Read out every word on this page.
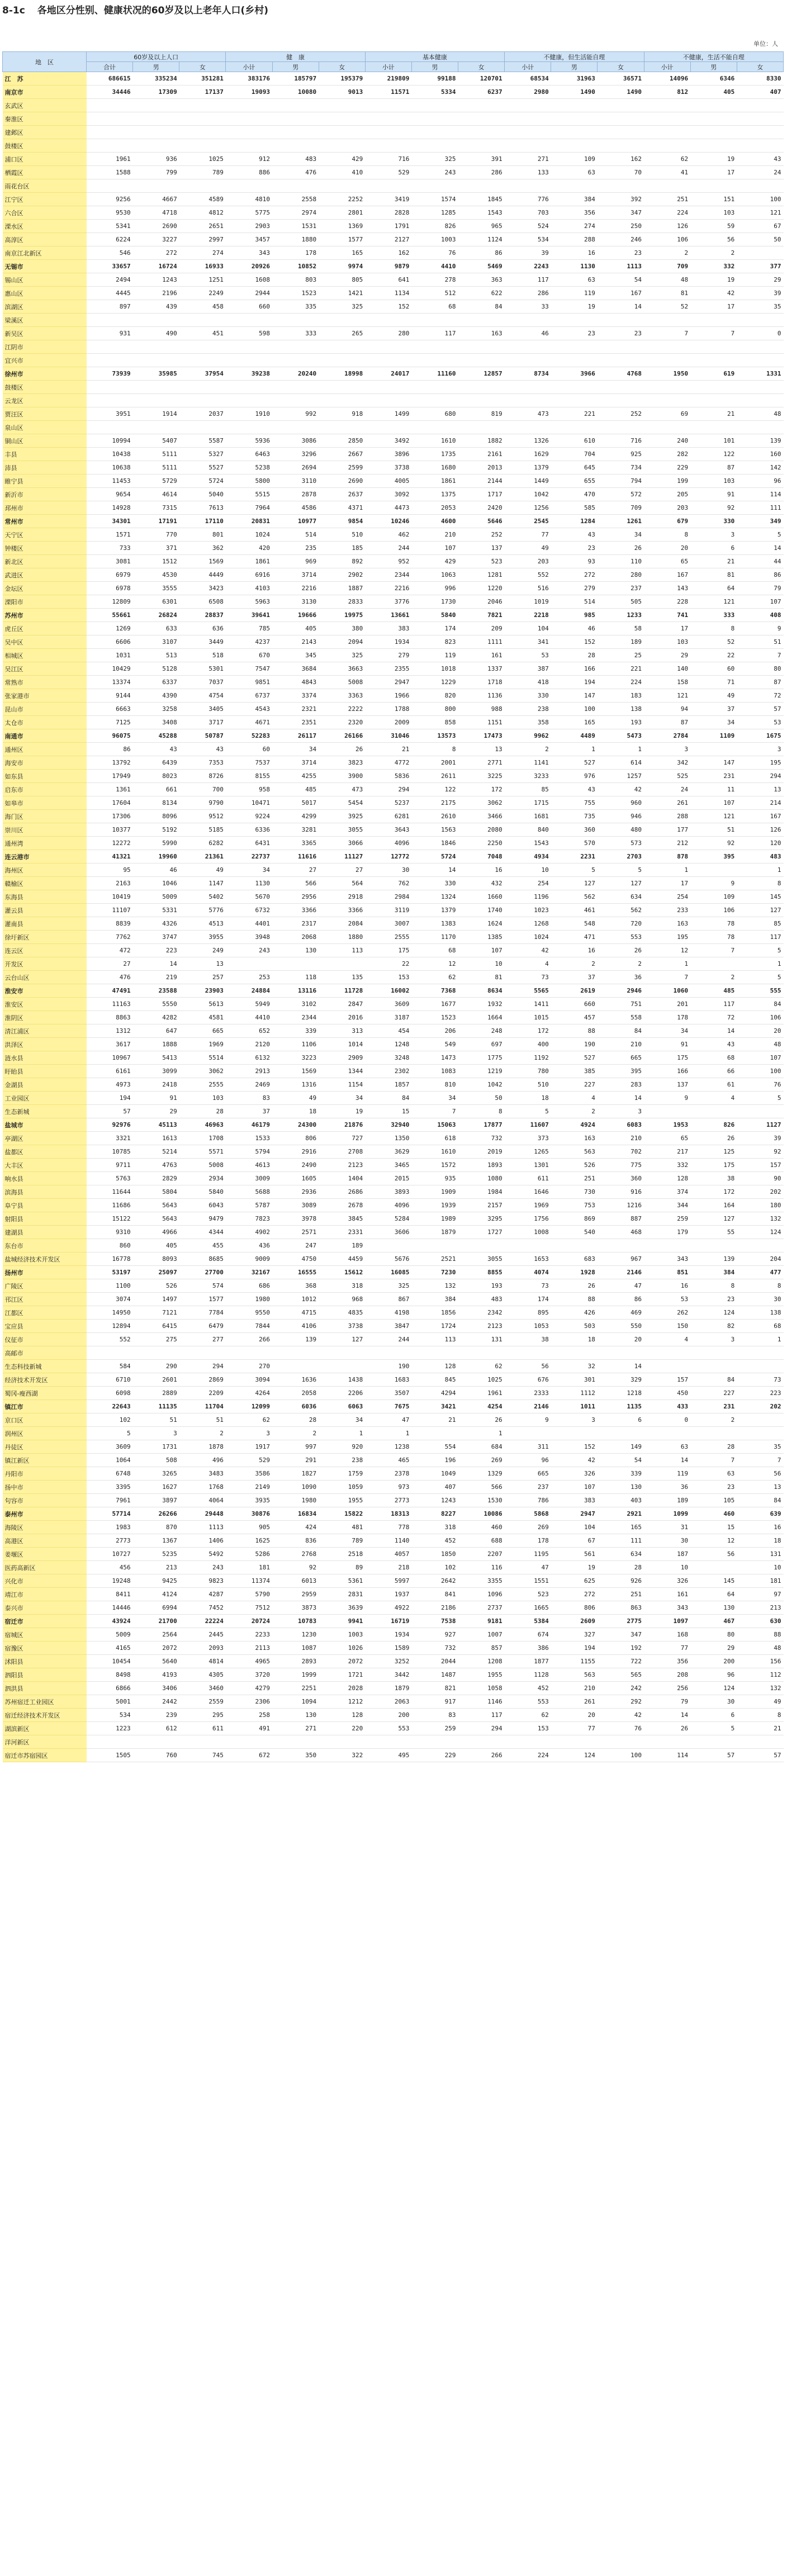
8-1c 各地区分性别、健康状况的60岁及以上老年人口(乡村)
单位：人
地　区	60岁及以上人口			健　康			基本健康			不健康，但生活能自理			不健康，生活不能自理		
	合计	男	女	小计	男	女	小计	男	女	小计	男	女	小计	男	女
江　苏	686615	335234	351281	383176	185797	195379	219809	99188	120701	68534	31963	36571	14096	6346	8330
南京市	34446	17309	17137	19093	10080	9013	11571	5334	6237	2980	1490	1490	812	405	407
玄武区															
秦淮区															
建邺区															
鼓楼区															
浦口区	1961	936	1025	912	483	429	716	325	391	271	109	162	62	19	43
栖霞区	1588	799	789	886	476	410	529	243	286	133	63	70	41	17	24
雨花台区															
江宁区	9256	4667	4589	4810	2558	2252	3419	1574	1845	776	384	392	251	151	100
六合区	9530	4718	4812	5775	2974	2801	2828	1285	1543	703	356	347	224	103	121
溧水区	5341	2690	2651	2903	1531	1369	1791	826	965	524	274	250	126	59	67
高淳区	6224	3227	2997	3457	1880	1577	2127	1003	1124	534	288	246	106	56	50
南京江北新区	546	272	274	343	178	165	162	76	86	39	16	23	2	2	
无锡市	33657	16724	16933	20926	10852	9974	9879	4410	5469	2243	1130	1113	709	332	377
锡山区	2494	1243	1251	1608	803	805	641	278	363	117	63	54	48	19	29
惠山区	4445	2196	2249	2944	1523	1421	1134	512	622	286	119	167	81	42	39
滨湖区	897	439	458	660	335	325	152	68	84	33	19	14	52	17	35
梁溪区															
新吴区	931	490	451	598	333	265	280	117	163	46	23	23	7	7	0
江阴市															
宜兴市															
徐州市	73939	35985	37954	39238	20240	18998	24017	11160	12857	8734	3966	4768	1950	619	1331
鼓楼区															
云龙区															
贾汪区	3951	1914	2037	1910	992	918	1499	680	819	473	221	252	69	21	48
泉山区															
铜山区	10994	5407	5587	5936	3086	2850	3492	1610	1882	1326	610	716	240	101	139
丰县	10438	5111	5327	6463	3296	2667	3896	1735	2161	1629	704	925	282	122	160
沛县	10638	5111	5527	5238	2694	2599	3738	1680	2013	1379	645	734	229	87	142
睢宁县	11453	5729	5724	5800	3110	2690	4005	1861	2144	1449	655	794	199	103	96
新沂市	9654	4614	5040	5515	2878	2637	3092	1375	1717	1042	470	572	205	91	114
邳州市	14928	7315	7613	7964	4586	4371	4473	2053	2420	1256	585	709	203	92	111
常州市	34301	17191	17110	20831	10977	9854	10246	4600	5646	2545	1284	1261	679	330	349
天宁区	1571	770	801	1024	514	510	462	210	252	77	43	34	8	3	5
钟楼区	733	371	362	420	235	185	244	107	137	49	23	26	20	6	14
新北区	3081	1512	1569	1861	969	892	952	429	523	203	93	110	65	21	44
武进区	6979	4530	4449	6916	3714	2902	2344	1063	1281	552	272	280	167	81	86
金坛区	6978	3555	3423	4103	2216	1887	2216	996	1220	516	279	237	143	64	79
溧阳市	12809	6301	6508	5963	3130	2833	3776	1730	2046	1019	514	505	228	121	107
苏州市	55661	26824	28837	39641	19666	19975	13661	5840	7821	2218	985	1233	741	333	408
虎丘区	1269	633	636	785	405	380	383	174	209	104	46	58	17	8	9
吴中区	6606	3107	3449	4237	2143	2094	1934	823	1111	341	152	189	103	52	51
相城区	1031	513	518	670	345	325	279	119	161	53	28	25	29	22	7
吴江区	10429	5128	5301	7547	3684	3663	2355	1018	1337	387	166	221	140	60	80
常熟市	13374	6337	7037	9851	4843	5008	2947	1229	1718	418	194	224	158	71	87
张家港市	9144	4390	4754	6737	3374	3363	1966	820	1136	330	147	183	121	49	72
昆山市	6663	3258	3405	4543	2321	2222	1788	800	988	238	100	138	94	37	57
太仓市	7125	3408	3717	4671	2351	2320	2009	858	1151	358	165	193	87	34	53
南通市	96075	45288	50787	52283	26117	26166	31046	13573	17473	9962	4489	5473	2784	1109	1675
通州区	86	43	43	60	34	26	21	8	13	2	1	1	3		3
海安市	13792	6439	7353	7537	3714	3823	4772	2001	2771	1141	527	614	342	147	195
如东县	17949	8023	8726	8155	4255	3900	5836	2611	3225	3233	976	1257	525	231	294
启东市	1361	661	700	958	485	473	294	122	172	85	43	42	24	11	13
如皋市	17604	8134	9790	10471	5017	5454	5237	2175	3062	1715	755	960	261	107	214
海门区	17306	8096	9512	9224	4299	3925	6281	2610	3466	1681	735	946	288	121	167
崇川区	10377	5192	5185	6336	3281	3055	3643	1563	2080	840	360	480	177	51	126
通州湾	12272	5990	6282	6431	3365	3066	4096	1846	2250	1543	570	573	212	92	120
连云港市	41321	19960	21361	22737	11616	11127	12772	5724	7048	4934	2231	2703	878	395	483
海州区	95	46	49	34	27	27	30	14	16	10	5	5	1		1
赣榆区	2163	1046	1147	1130	566	564	762	330	432	254	127	127	17	9	8
东海县	10419	5009	5402	5670	2956	2918	2984	1324	1660	1196	562	634	254	109	145
灌云县	11107	5331	5776	6732	3366	3366	3119	1379	1740	1023	461	562	233	106	127
灌南县	8839	4326	4513	4401	2317	2084	3007	1383	1624	1268	548	720	163	78	85
徐圩新区	7762	3747	3955	3948	2068	1880	2555	1170	1385	1024	471	553	195	78	117
连云区	472	223	249	243	130	113	175	68	107	42	16	26	12	7	5
开发区	27	14	13				22	12	10	4	2	2	1		1
云台山区	476	219	257	253	118	135	153	62	81	73	37	36	7	2	5
淮安市	47491	23588	23903	24884	13116	11728	16002	7368	8634	5565	2619	2946	1060	485	555
淮安区	11163	5550	5613	5949	3102	2847	3609	1677	1932	1411	660	751	201	117	84
淮阴区	8863	4282	4581	4410	2344	2016	3187	1523	1664	1015	457	558	178	72	106
清江浦区	1312	647	665	652	339	313	454	206	248	172	88	84	34	14	20
洪泽区	3617	1888	1969	2120	1106	1014	1248	549	697	400	190	210	91	43	48
涟水县	10967	5413	5514	6132	3223	2909	3248	1473	1775	1192	527	665	175	68	107
盱眙县	6161	3099	3062	2913	1569	1344	2302	1083	1219	780	385	395	166	66	100
金湖县	4973	2418	2555	2469	1316	1154	1857	810	1042	510	227	283	137	61	76
工业园区	194	91	103	83	49	34	84	34	50	18	4	14	9	4	5
生态新城	57	29	28	37	18	19	15	7	8	5	2	3			
盐城市	92976	45113	46963	46179	24300	21876	32940	15063	17877	11607	4924	6083	1953	826	1127
亭湖区	3321	1613	1708	1533	806	727	1350	618	732	373	163	210	65	26	39
盐都区	10785	5214	5571	5794	2916	2708	3629	1610	2019	1265	563	702	217	125	92
大丰区	9711	4763	5008	4613	2490	2123	3465	1572	1893	1301	526	775	332	175	157
响水县	5763	2829	2934	3009	1605	1404	2015	935	1080	611	251	360	128	38	90
滨海县	11644	5804	5840	5688	2936	2686	3893	1909	1984	1646	730	916	374	172	202
阜宁县	11686	5643	6043	5787	3089	2678	4096	1939	2157	1969	753	1216	344	164	180
射阳县	15122	5643	9479	7823	3978	3845	5284	1989	3295	1756	869	887	259	127	132
建湖县	9310	4966	4344	4902	2571	2331	3606	1879	1727	1008	540	468	179	55	124
东台市	860	405	455	436	247	189									
盐城经济技术开发区	16778	8093	8685	9009	4750	4459	5676	2521	3055	1653	683	967	343	139	204
扬州市	53197	25097	27700	32167	16555	15612	16085	7230	8855	4074	1928	2146	851	384	477
广陵区	1100	526	574	686	368	318	325	132	193	73	26	47	16	8	8
邗江区	3074	1497	1577	1980	1012	968	867	384	483	174	88	86	53	23	30
江都区	14950	7121	7784	9550	4715	4835	4198	1856	2342	895	426	469	262	124	138
宝应县	12894	6415	6479	7844	4106	3738	3847	1724	2123	1053	503	550	150	82	68
仪征市	552	275	277	266	139	127	244	113	131	38	18	20	4	3	1
高邮市															
生态科技新城	584	290	294	270			190	128	62	56	32	14			
经济技术开发区	6710	2601	2869	3094	1636	1438	1683	845	1025	676	301	329	157	84	73
蜀冈-瘦西湖	6098	2889	2209	4264	2058	2206	3507	4294	1961	2333	1112	1218	450	227	223
镇江市	22643	11135	11704	12099	6036	6063	7675	3421	4254	2146	1011	1135	433	231	202
京口区	102	51	51	62	28	34	47	21	26	9	3	6	0	2	
润州区	5	3	2	3	2	1	1		1						
丹徒区	3609	1731	1878	1917	997	920	1238	554	684	311	152	149	63	28	35
镇江新区	1064	508	496	529	291	238	465	196	269	96	42	54	14	7	7
丹阳市	6748	3265	3483	3586	1827	1759	2378	1049	1329	665	326	339	119	63	56
扬中市	3395	1627	1768	2149	1090	1059	973	407	566	237	107	130	36	23	13
句容市	7961	3897	4064	3935	1980	1955	2773	1243	1530	786	383	403	189	105	84
泰州市	57714	26266	29448	30876	16834	15822	18313	8227	10086	5868	2947	2921	1099	460	639
海陵区	1983	870	1113	905	424	481	778	318	460	269	104	165	31	15	16
高港区	2773	1367	1406	1625	836	789	1140	452	688	178	67	111	30	12	18
姜堰区	10727	5235	5492	5286	2768	2518	4057	1850	2207	1195	561	634	187	56	131
医药高新区	456	213	243	181	92	89	218	102	116	47	19	28	10		10
兴化市	19248	9425	9823	11374	6013	5361	5997	2642	3355	1551	625	926	326	145	181
靖江市	8411	4124	4287	5790	2959	2831	1937	841	1096	523	272	251	161	64	97
泰兴市	14446	6994	7452	7512	3873	3639	4922	2186	2737	1665	806	863	343	130	213
宿迁市	43924	21700	22224	20724	10783	9941	16719	7538	9181	5384	2609	2775	1097	467	630
宿城区	5009	2564	2445	2233	1230	1003	1934	927	1007	674	327	347	168	80	88
宿豫区	4165	2072	2093	2113	1087	1026	1589	732	857	386	194	192	77	29	48
沭阳县	10454	5640	4814	4965	2893	2072	3252	2044	1208	1877	1155	722	356	200	156
泗阳县	8498	4193	4305	3720	1999	1721	3442	1487	1955	1128	563	565	208	96	112
泗洪县	6866	3406	3460	4279	2251	2028	1879	821	1058	452	210	242	256	124	132
苏州宿迁工业园区	5001	2442	2559	2306	1094	1212	2063	917	1146	553	261	292	79	30	49
宿迁经济技术开发区	534	239	295	258	130	128	200	83	117	62	20	42	14	6	8
湖滨新区	1223	612	611	491	271	220	553	259	294	153	77	76	26	5	21
洋河新区															
宿迁市苏宿园区	1505	760	745	672	350	322	495	229	266	224	124	100	114	57	57
